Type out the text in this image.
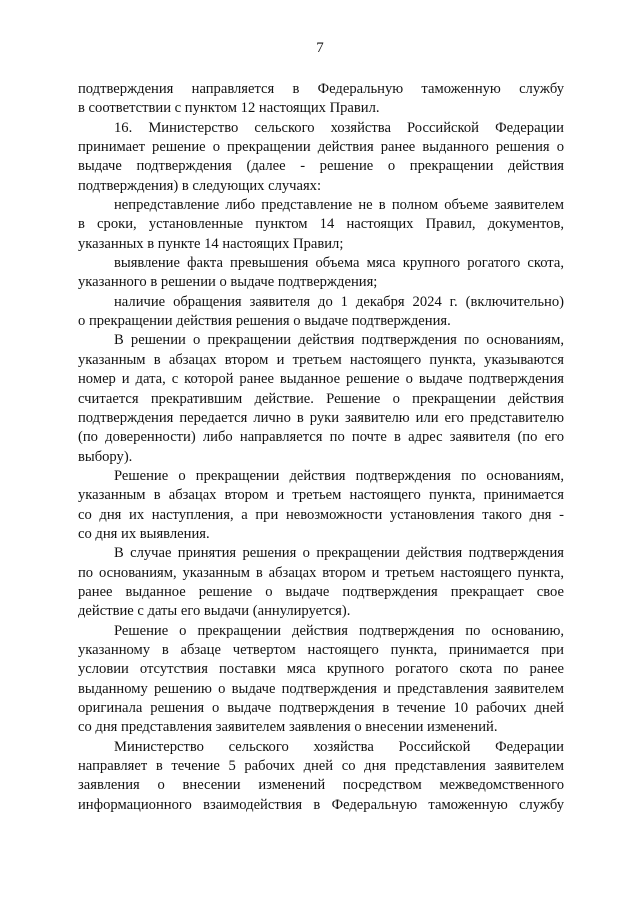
7
подтверждения направляется в Федеральную таможенную службу
в соответствии с пунктом 12 настоящих Правил.
16. Министерство сельского хозяйства Российской Федерации
принимает решение о прекращении действия ранее выданного решения о
выдаче подтверждения (далее - решение о прекращении действия
подтверждения) в следующих случаях:
непредставление либо представление не в полном объеме заявителем
в сроки, установленные пунктом 14 настоящих Правил, документов,
указанных в пункте 14 настоящих Правил;
выявление факта превышения объема мяса крупного рогатого скота,
указанного в решении о выдаче подтверждения;
наличие обращения заявителя до 1 декабря 2024 г. (включительно)
о прекращении действия решения о выдаче подтверждения.
В решении о прекращении действия подтверждения по основаниям,
указанным в абзацах втором и третьем настоящего пункта, указываются
номер и дата, с которой ранее выданное решение о выдаче подтверждения
считается прекратившим действие. Решение о прекращении действия
подтверждения передается лично в руки заявителю или его представителю
(по доверенности) либо направляется по почте в адрес заявителя (по его
выбору).
Решение о прекращении действия подтверждения по основаниям,
указанным в абзацах втором и третьем настоящего пункта, принимается
со дня их наступления, а при невозможности установления такого дня -
со дня их выявления.
В случае принятия решения о прекращении действия подтверждения
по основаниям, указанным в абзацах втором и третьем настоящего пункта,
ранее выданное решение о выдаче подтверждения прекращает свое
действие с даты его выдачи (аннулируется).
Решение о прекращении действия подтверждения по основанию,
указанному в абзаце четвертом настоящего пункта, принимается при
условии отсутствия поставки мяса крупного рогатого скота по ранее
выданному решению о выдаче подтверждения и представления заявителем
оригинала решения о выдаче подтверждения в течение 10 рабочих дней
со дня представления заявителем заявления о внесении изменений.
Министерство сельского хозяйства Российской Федерации
направляет в течение 5 рабочих дней со дня представления заявителем
заявления о внесении изменений посредством межведомственного
информационного взаимодействия в Федеральную таможенную службу
